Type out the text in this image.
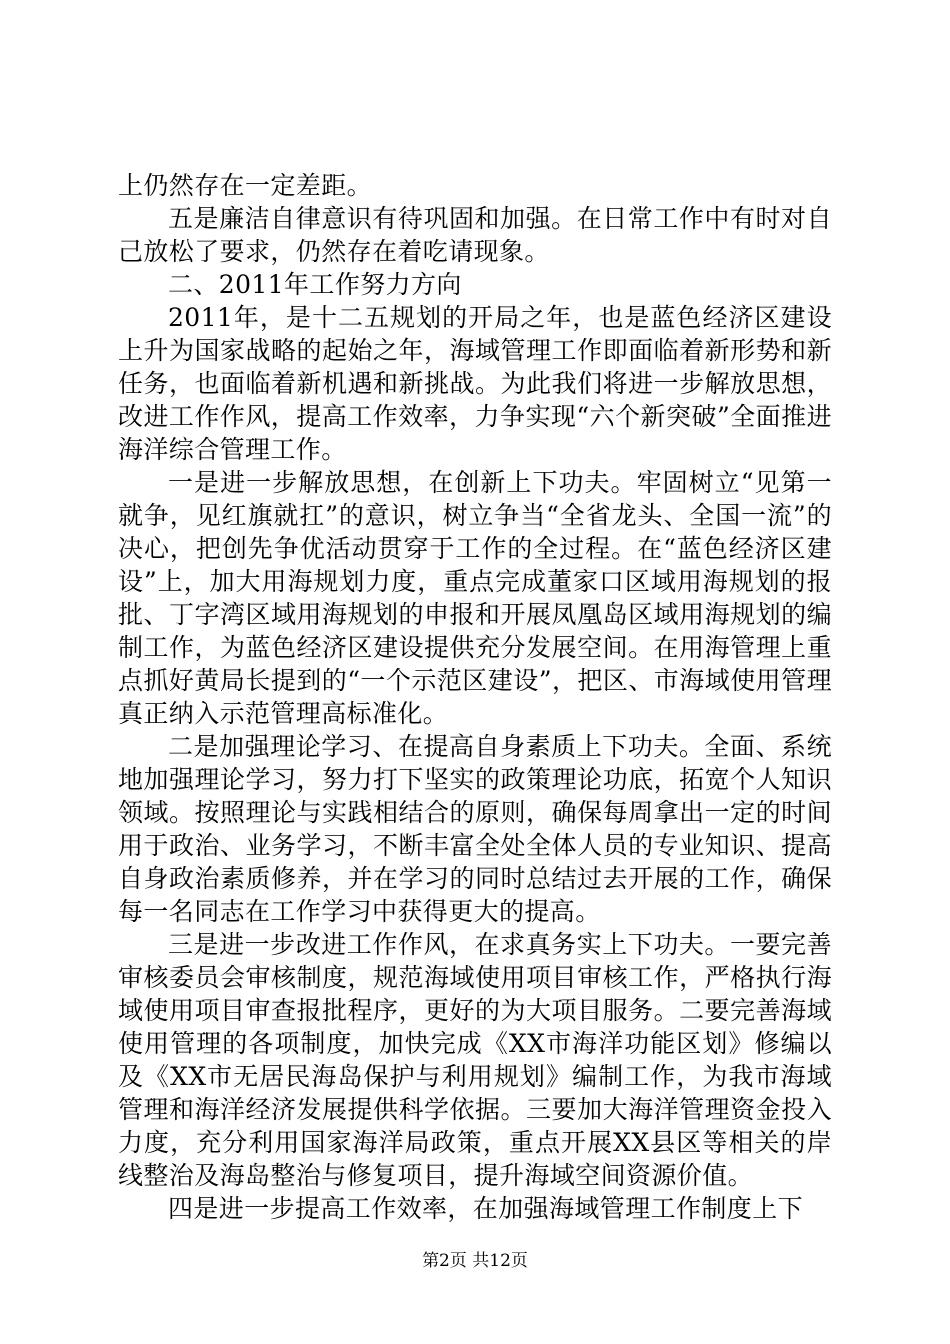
上仍然存在一定差距。

五是廉洁自律意识有待巩固和加强。在日常工作中有时对自己放松了要求，仍然存在着吃请现象。

二、2011年工作努力方向

2011年，是十二五规划的开局之年，也是蓝色经济区建设上升为国家战略的起始之年，海域管理工作即面临着新形势和新任务，也面临着新机遇和新挑战。为此我们将进一步解放思想，改进工作作风，提高工作效率，力争实现“六个新突破”全面推进海洋综合管理工作。

一是进一步解放思想，在创新上下功夫。牢固树立“见第一就争，见红旗就扛”的意识，树立争当“全省龙头、全国一流”的决心，把创先争优活动贯穿于工作的全过程。在“蓝色经济区建设”上，加大用海规划力度，重点完成董家口区域用海规划的报批、丁字湾区域用海规划的申报和开展凤凰岛区域用海规划的编制工作，为蓝色经济区建设提供充分发展空间。在用海管理上重点抓好黄局长提到的“一个示范区建设”，把区、市海域使用管理真正纳入示范管理高标准化。

二是加强理论学习、在提高自身素质上下功夫。全面、系统地加强理论学习，努力打下坚实的政策理论功底，拓宽个人知识领域。按照理论与实践相结合的原则，确保每周拿出一定的时间用于政治、业务学习，不断丰富全处全体人员的专业知识、提高自身政治素质修养，并在学习的同时总结过去开展的工作，确保每一名同志在工作学习中获得更大的提高。

三是进一步改进工作作风，在求真务实上下功夫。一要完善审核委员会审核制度，规范海域使用项目审核工作，严格执行海域使用项目审查报批程序，更好的为大项目服务。二要完善海域使用管理的各项制度，加快完成《XX市海洋功能区划》修编以及《XX市无居民海岛保护与利用规划》编制工作，为我市海域管理和海洋经济发展提供科学依据。三要加大海洋管理资金投入力度，充分利用国家海洋局政策，重点开展XX县区等相关的岸线整治及海岛整治与修复项目，提升海域空间资源价值。

四是进一步提高工作效率，在加强海域管理工作制度上下

第2页 共12页
